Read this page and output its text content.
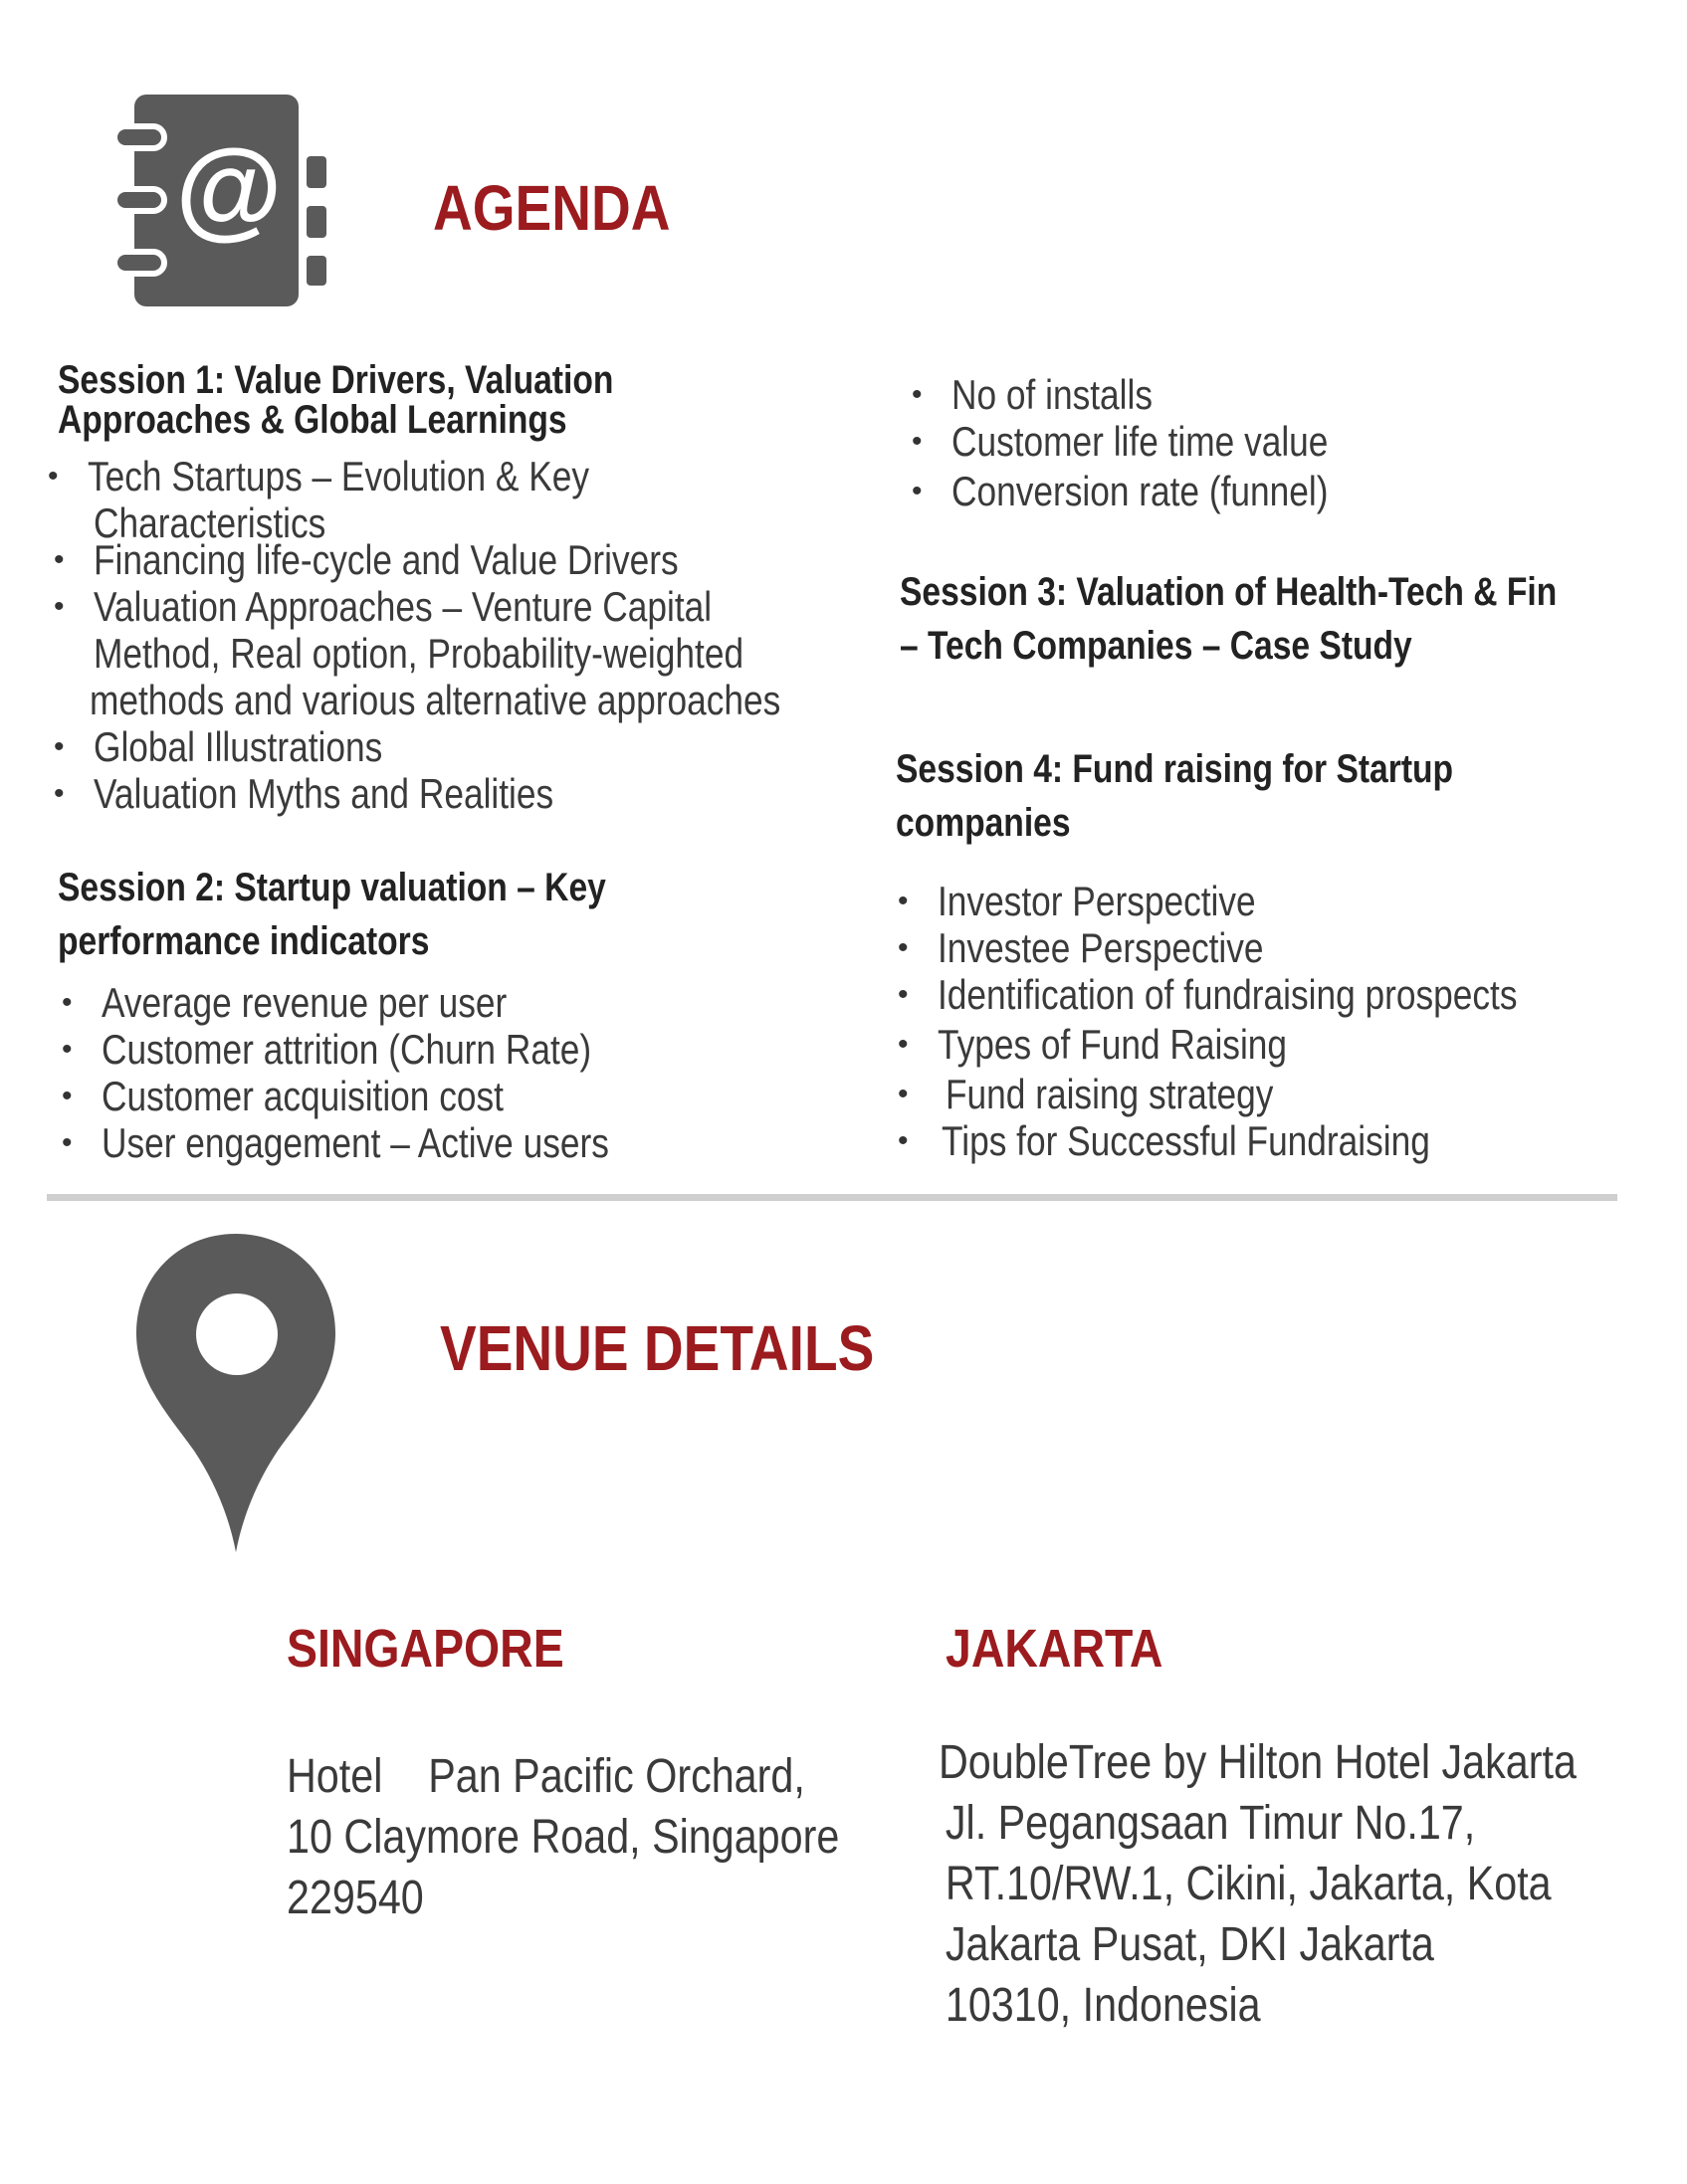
@ AGENDA
Session 1: Value Drivers, Valuation
Approaches & Global Learnings
• Tech Startups – Evolution & Key
Characteristics
• Financing life-cycle and Value Drivers
• Valuation Approaches – Venture Capital
Method, Real option, Probability-weighted
methods and various alternative approaches
• Global Illustrations
• Valuation Myths and Realities
Session 2: Startup valuation – Key
performance indicators
• Average revenue per user
• Customer attrition (Churn Rate)
• Customer acquisition cost
• User engagement – Active users
• No of installs
• Customer life time value
• Conversion rate (funnel)
Session 3: Valuation of Health-Tech & Fin
– Tech Companies – Case Study
Session 4: Fund raising for Startup
companies
• Investor Perspective
• Investee Perspective
• Identification of fundraising prospects
• Types of Fund Raising
• Fund raising strategy
• Tips for Successful Fundraising
VENUE DETAILS
SINGAPORE
Hotel    Pan Pacific Orchard,
10 Claymore Road, Singapore
229540
JAKARTA
DoubleTree by Hilton Hotel Jakarta
Jl. Pegangsaan Timur No.17,
RT.10/RW.1, Cikini, Jakarta, Kota
Jakarta Pusat, DKI Jakarta
10310, Indonesia
